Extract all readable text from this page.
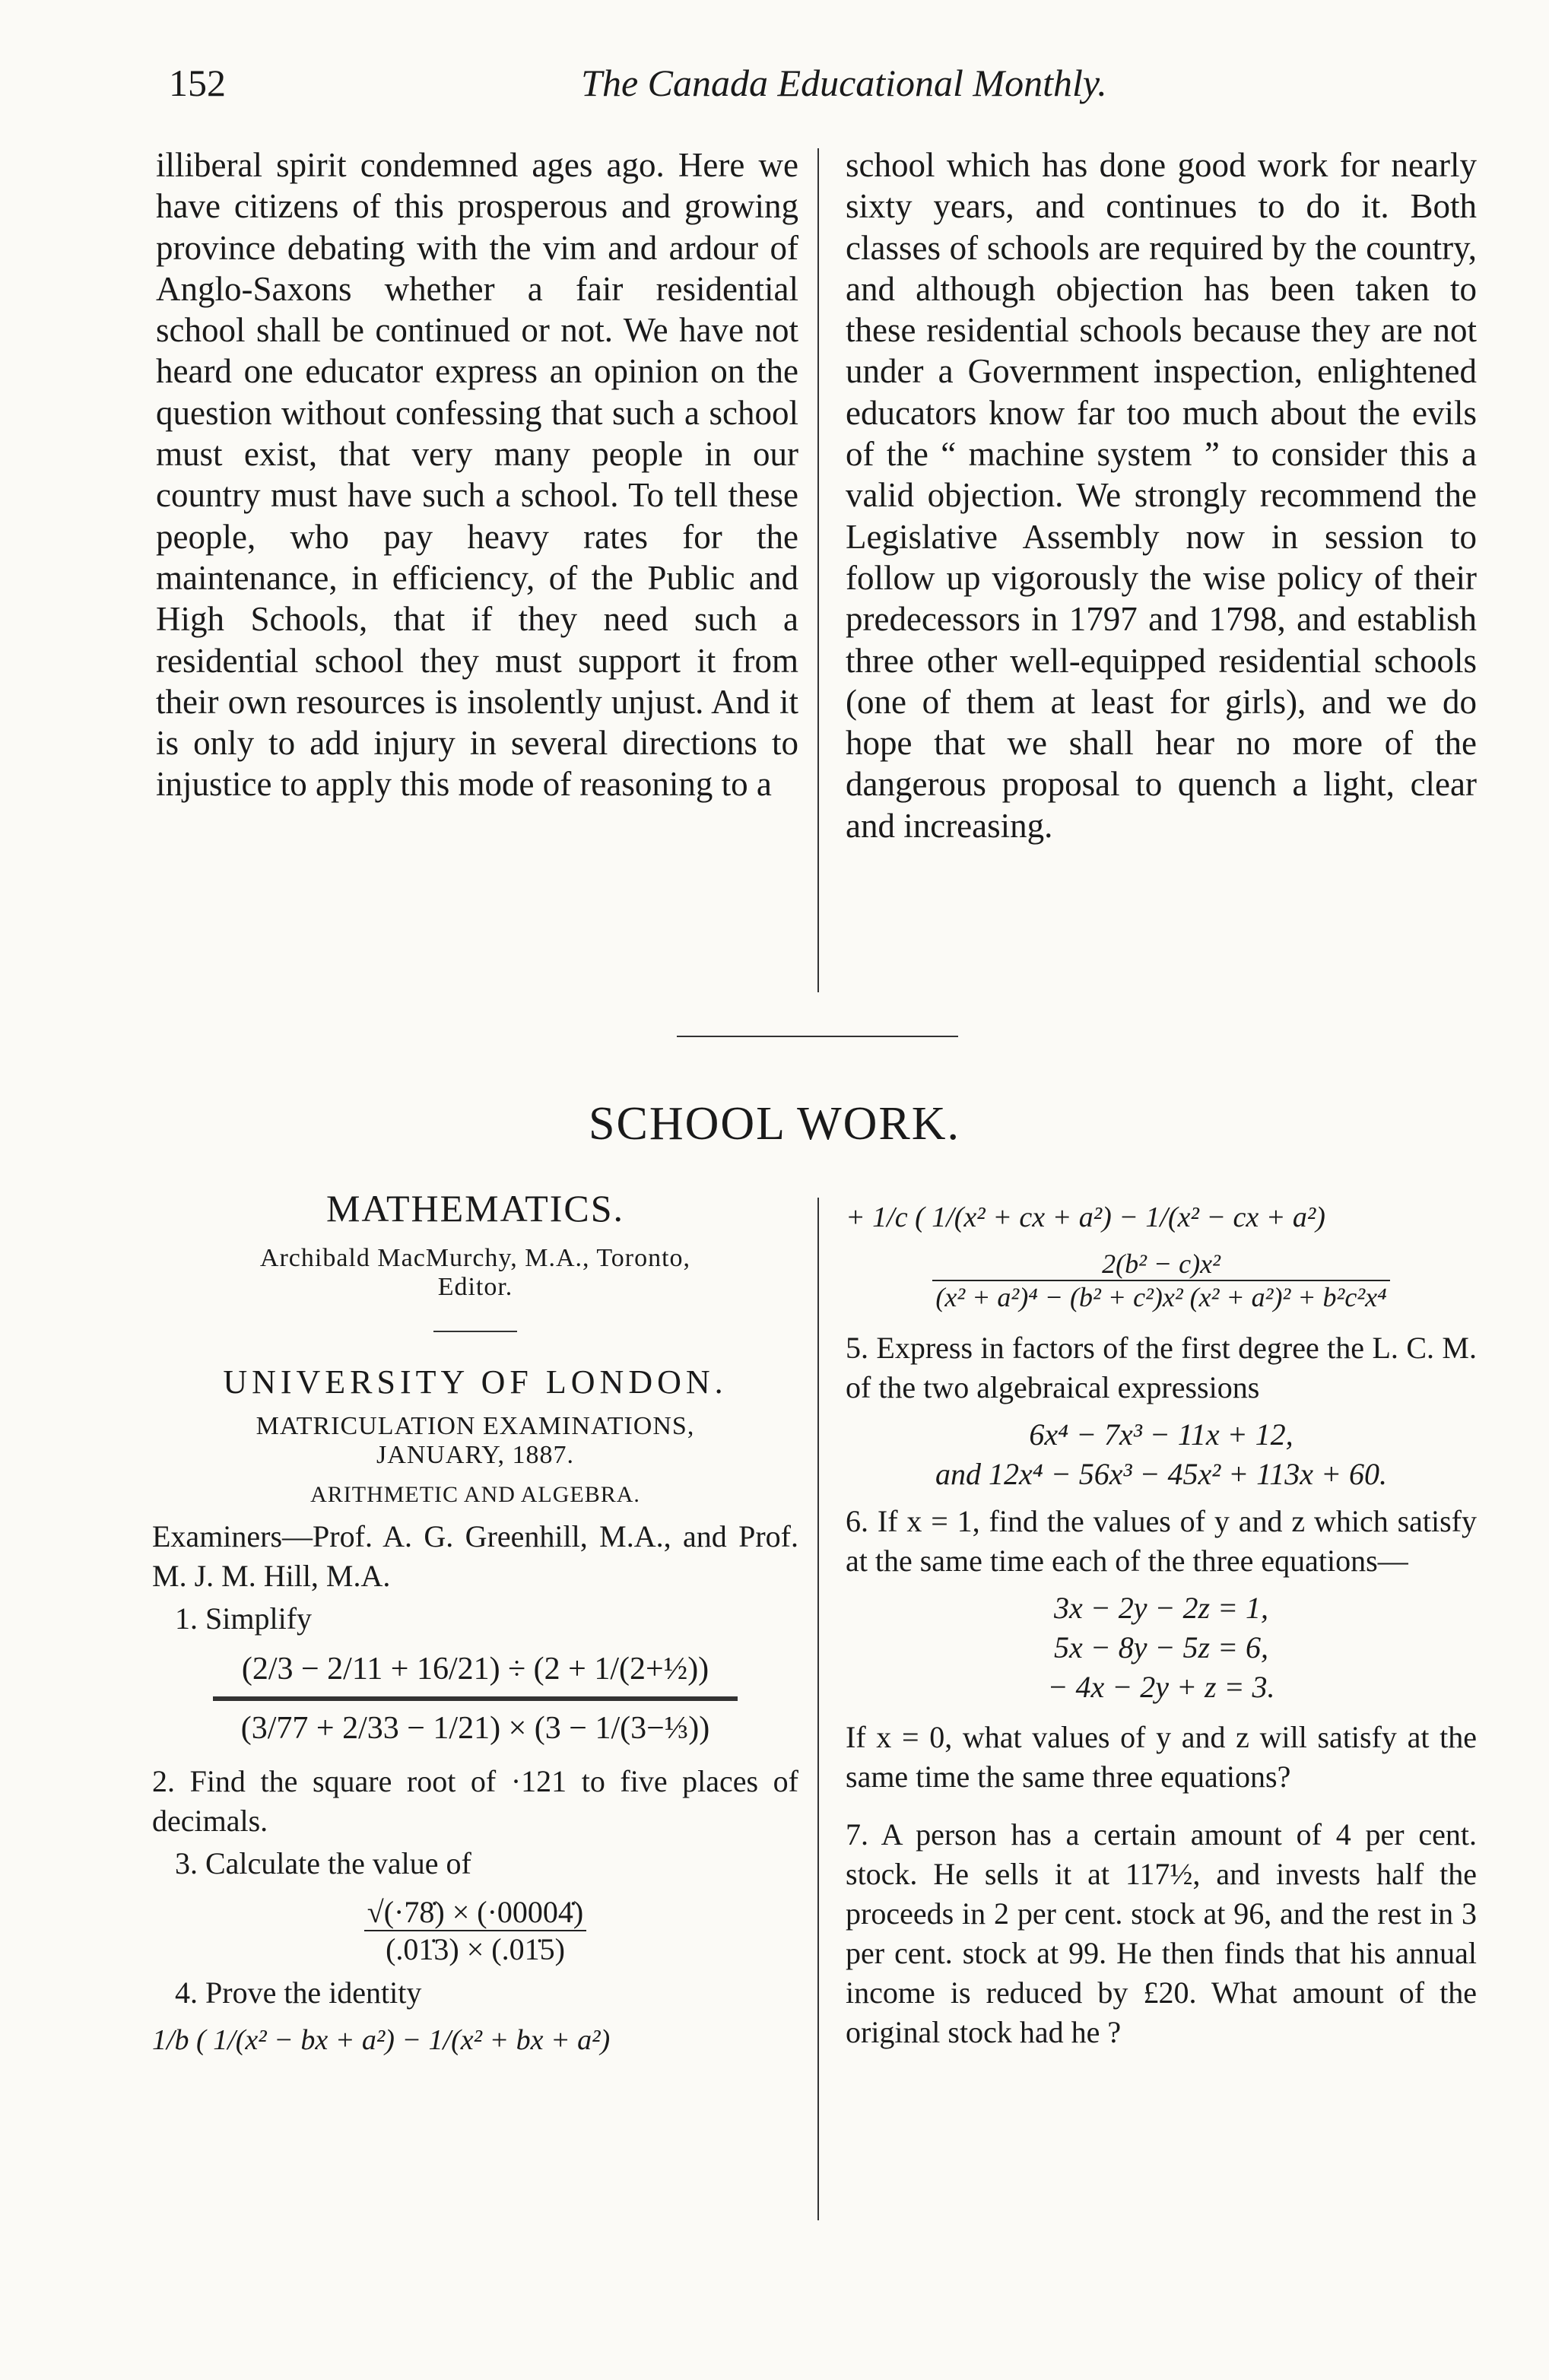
152	The Canada Educational Monthly.

illiberal spirit condemned ages ago. Here we have citizens of this prosperous and growing province debating with the vim and ardour of Anglo-Saxons whether a fair residential school shall be continued or not. We have not heard one educator express an opinion on the question without confessing that such a school must exist, that very many people in our country must have such a school. To tell these people, who pay heavy rates for the maintenance, in efficiency, of the Public and High Schools, that if they need such a residential school they must support it from their own resources is insolently unjust. And it is only to add injury in several directions to injustice to apply this mode of reasoning to a

school which has done good work for nearly sixty years, and continues to do it. Both classes of schools are required by the country, and although objection has been taken to these residential schools because they are not under a Government inspection, enlightened educators know far too much about the evils of the “ machine system ” to consider this a valid objection. We strongly recommend the Legislative Assembly now in session to follow up vigorously the wise policy of their predecessors in 1797 and 1798, and establish three other well-equipped residential schools (one of them at least for girls), and we do hope that we shall hear no more of the dangerous proposal to quench a light, clear and increasing.

SCHOOL WORK.
MATHEMATICS.
Archibald MacMurchy, M.A., Toronto,
Editor.
UNIVERSITY OF LONDON.
MATRICULATION EXAMINATIONS,
JANUARY, 1887.
ARITHMETIC AND ALGEBRA.
Examiners—Prof. A. G. Greenhill, M.A., and Prof. M. J. M. Hill, M.A.
1. Simplify
(2/3 − 2/11 + 16/21) ÷ (2 + 1/(2+½))
(3/77 + 2/33 − 1/21) × (3 − 1/(3−⅓))
2. Find the square root of ·121 to five places of decimals.
3. Calculate the value of
$\frac{√(\cdot 78̇) \times (\cdot 00004̇)}{(.01̇3) \times (.01̇5)}$
4. Prove the identity
1/b ( 1/(x² − bx + a²) − 1/(x² + bx + a²)
+ 1/c ( 1/(x² + cx + a²) − 1/(x² − cx + a²)
$\frac{\text{2(b² − c)x²}}{\text{(x² + a²)⁴ − (b² + c²)x² (x² + a²)² + b²c²x⁴}}$
5. Express in factors of the first degree the L. C. M. of the two algebraical expressions
6x⁴ − 7x³ − 11x + 12,
and 12x⁴ − 56x³ − 45x² + 113x + 60.
6. If x = 1, find the values of y and z which satisfy at the same time each of the three equations—
3x − 2y − 2z = 1,
5x − 8y − 5z = 6,
− 4x − 2y + z = 3.
If x = 0, what values of y and z will satisfy at the same time the same three equations?
7. A person has a certain amount of 4 per cent. stock. He sells it at 117½, and invests half the proceeds in 2 per cent. stock at 96, and the rest in 3 per cent. stock at 99. He then finds that his annual income is reduced by £20. What amount of the original stock had he ?
